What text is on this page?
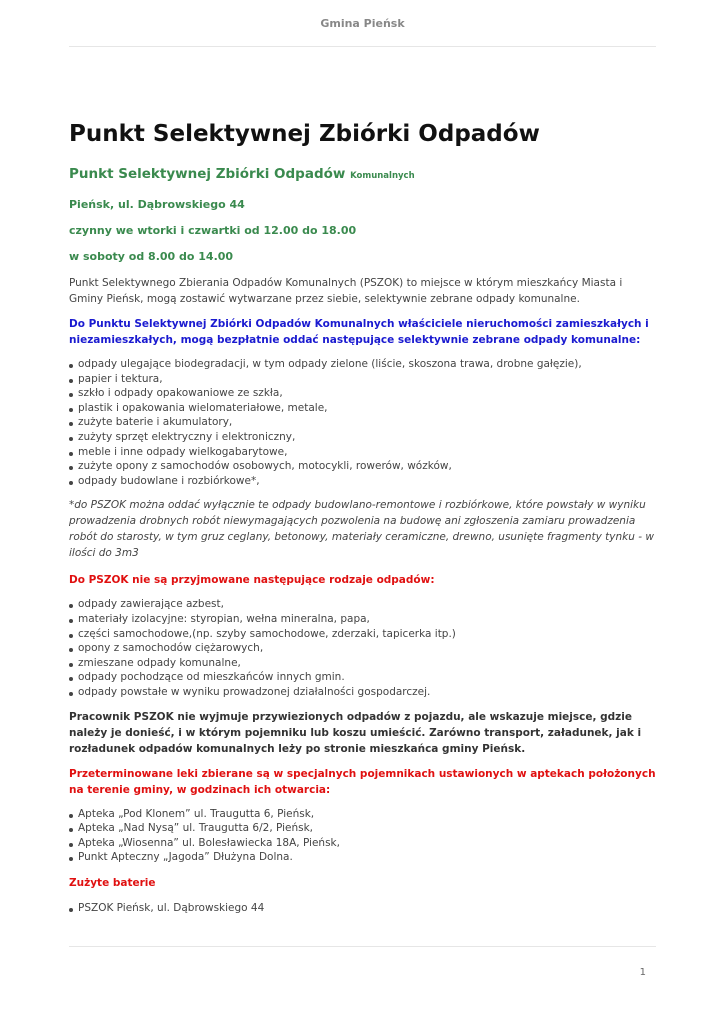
Gmina Pieńsk
Punkt Selektywnej Zbiórki Odpadów
Punkt Selektywnej Zbiórki Odpadów Komunalnych
Pieńsk, ul. Dąbrowskiego 44
czynny we wtorki i czwartki od 12.00 do 18.00
w soboty od 8.00 do 14.00

Punkt Selektywnego Zbierania Odpadów Komunalnych (PSZOK) to miejsce w którym mieszkańcy Miasta i Gminy Pieńsk, mogą zostawić wytwarzane przez siebie, selektywnie zebrane odpady komunalne.

Do Punktu Selektywnej Zbiórki Odpadów Komunalnych właściciele nieruchomości zamieszkałych i niezamieszkałych, mogą bezpłatnie oddać następujące selektywnie zebrane odpady komunalne:
odpady ulegające biodegradacji, w tym odpady zielone (liście, skoszona trawa, drobne gałęzie),
papier i tektura,
szkło i odpady opakowaniowe ze szkła,
plastik i opakowania wielomateriałowe, metale,
zużyte baterie i akumulatory,
zużyty sprzęt elektryczny i elektroniczny,
meble i inne odpady wielkogabarytowe,
zużyte opony z samochodów osobowych, motocykli, rowerów, wózków,
odpady budowlane i rozbiórkowe*,

*do PSZOK można oddać wyłącznie te odpady budowlano-remontowe i rozbiórkowe, które powstały w wyniku prowadzenia drobnych robót niewymagających pozwolenia na budowę ani zgłoszenia zamiaru prowadzenia robót do starosty, w tym gruz ceglany, betonowy, materiały ceramiczne, drewno, usunięte fragmenty tynku - w ilości do 3m3

Do PSZOK nie są przyjmowane następujące rodzaje odpadów:
odpady zawierające azbest,
materiały izolacyjne: styropian, wełna mineralna, papa,
części samochodowe,(np. szyby samochodowe, zderzaki, tapicerka itp.)
opony z samochodów ciężarowych,
zmieszane odpady komunalne,
odpady pochodzące od mieszkańców innych gmin.
odpady powstałe w wyniku prowadzonej działalności gospodarczej.
Pracownik PSZOK nie wyjmuje przywiezionych odpadów z pojazdu, ale wskazuje miejsce, gdzie należy je donieść, i w którym pojemniku lub koszu umieścić. Zarówno transport, załadunek, jak i rozładunek odpadów komunalnych leży po stronie mieszkańca gminy Pieńsk.
Przeterminowane leki zbierane są w specjalnych pojemnikach ustawionych w aptekach położonych na terenie gminy, w godzinach ich otwarcia:
Apteka „Pod Klonem” ul. Traugutta 6, Pieńsk,
Apteka „Nad Nysą” ul. Traugutta 6/2, Pieńsk,
Apteka „Wiosenna” ul. Bolesławiecka 18A, Pieńsk,
Punkt Apteczny „Jagoda” Dłużyna Dolna.
Zużyte baterie
PSZOK Pieńsk, ul. Dąbrowskiego 44
1
